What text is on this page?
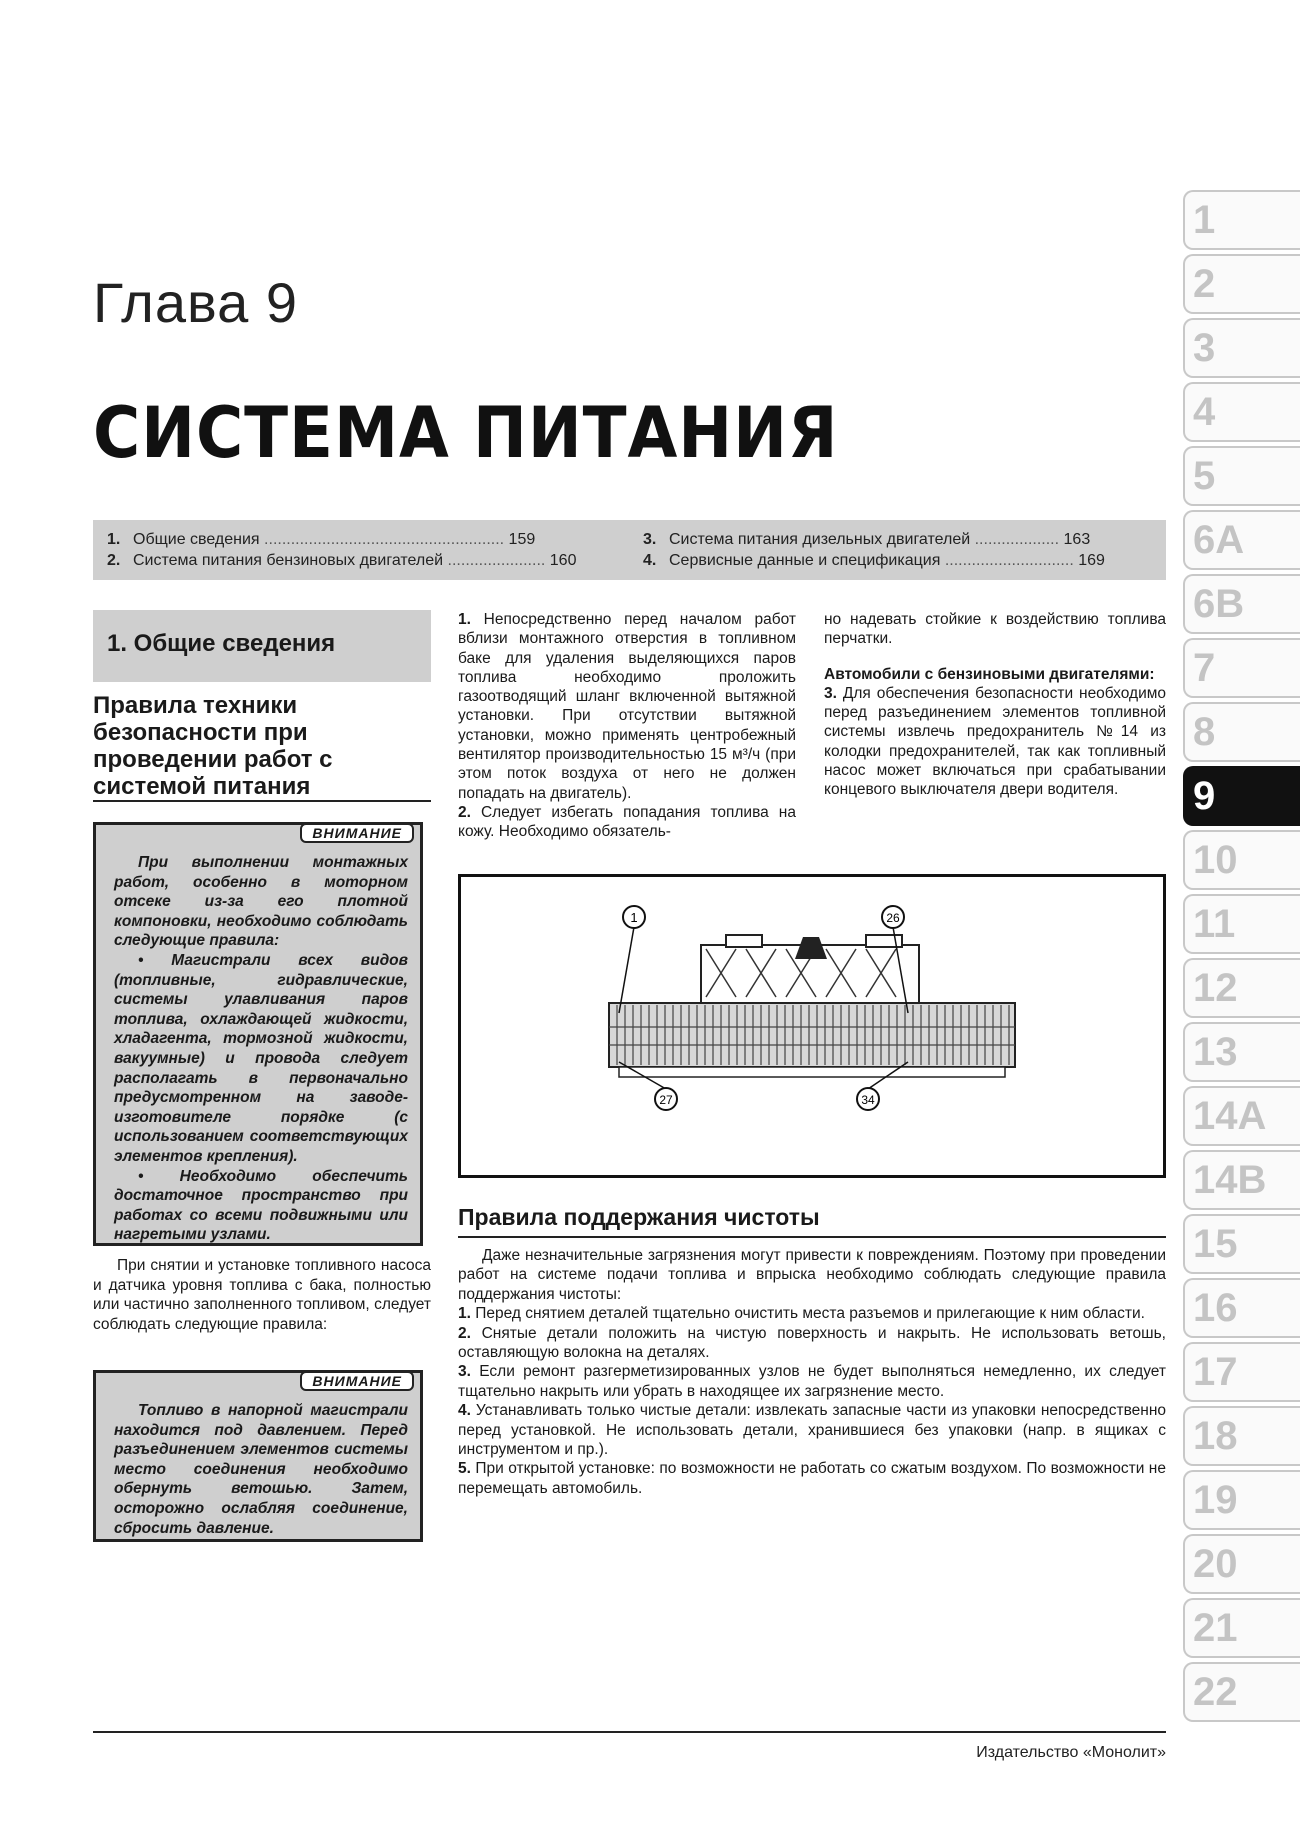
Глава 9
СИСТЕМА ПИТАНИЯ
1. Общие сведения ...................................................... 159
2. Система питания бензиновых двигателей ...................... 160
3. Система питания дизельных двигателей ................... 163
4. Сервисные данные и спецификация ............................. 169
1
2
3
4
5
6A
6B
7
8
9
10
11
12
13
14A
14B
15
16
17
18
19
20
21
22
1. Общие сведения
Правила техники безопасности при проведении работ с системой питания
ВНИМАНИЕ

При выполнении монтажных работ, особенно в моторном отсеке из-за его плотной компоновки, необходимо соблюдать следующие правила:

• Магистрали всех видов (топливные, гидравлические, системы улавливания паров топлива, охлаждающей жидкости, хладагента, тормозной жидкости, вакуумные) и провода следует располагать в первоначально предусмотренном на заводе-изготовителе порядке (с использованием соответствующих элементов крепления).

• Необходимо обеспечить достаточное пространство при работах со всеми подвижными или нагретыми узлами.

При снятии и установке топливного насоса и датчика уровня топлива с бака, полностью или частично заполненного топливом, следует соблюдать следующие правила:
ВНИМАНИЕ

Топливо в напорной магистрали находится под давлением. Перед разъединением элементов системы место соединения необходимо обернуть ветошью. Затем, осторожно ослабляя соединение, сбросить давление.

1. Непосредственно перед началом работ вблизи монтажного отверстия в топливном баке для удаления выделяющихся паров топлива необходимо проложить газоотводящий шланг включенной вытяжной установки. При отсутствии вытяжной установки, можно применять центробежный вентилятор производительностью 15 м³/ч (при этом поток воздуха от него не должен попадать на двигатель).

2. Следует избегать попадания топлива на кожу. Необходимо обязатель-

но надевать стойкие к воздействию топлива перчатки.

Автомобили с бензиновыми двигателями:

3. Для обеспечения безопасности необходимо перед разъединением элементов топливной системы извлечь предохранитель №14 из колодки предохранителей, так как топливный насос может включаться при срабатывании концевого выключателя двери водителя.

1	26
27	34
Правила поддержания чистоты

Даже незначительные загрязнения могут привести к повреждениям. Поэтому при проведении работ на системе подачи топлива и впрыска необходимо соблюдать следующие правила поддержания чистоты:

1. Перед снятием деталей тщательно очистить места разъемов и прилегающие к ним области.

2. Снятые детали положить на чистую поверхность и накрыть. Не использовать ветошь, оставляющую волокна на деталях.

3. Если ремонт разгерметизированных узлов не будет выполняться немедленно, их следует тщательно накрыть или убрать в находящее их загрязнение место.

4. Устанавливать только чистые детали: извлекать запасные части из упаковки непосредственно перед установкой. Не использовать детали, хранившиеся без упаковки (напр. в ящиках с инструментом и пр.).

5. При открытой установке: по возможности не работать со сжатым воздухом. По возможности не перемещать автомобиль.

Издательство «Монолит»
